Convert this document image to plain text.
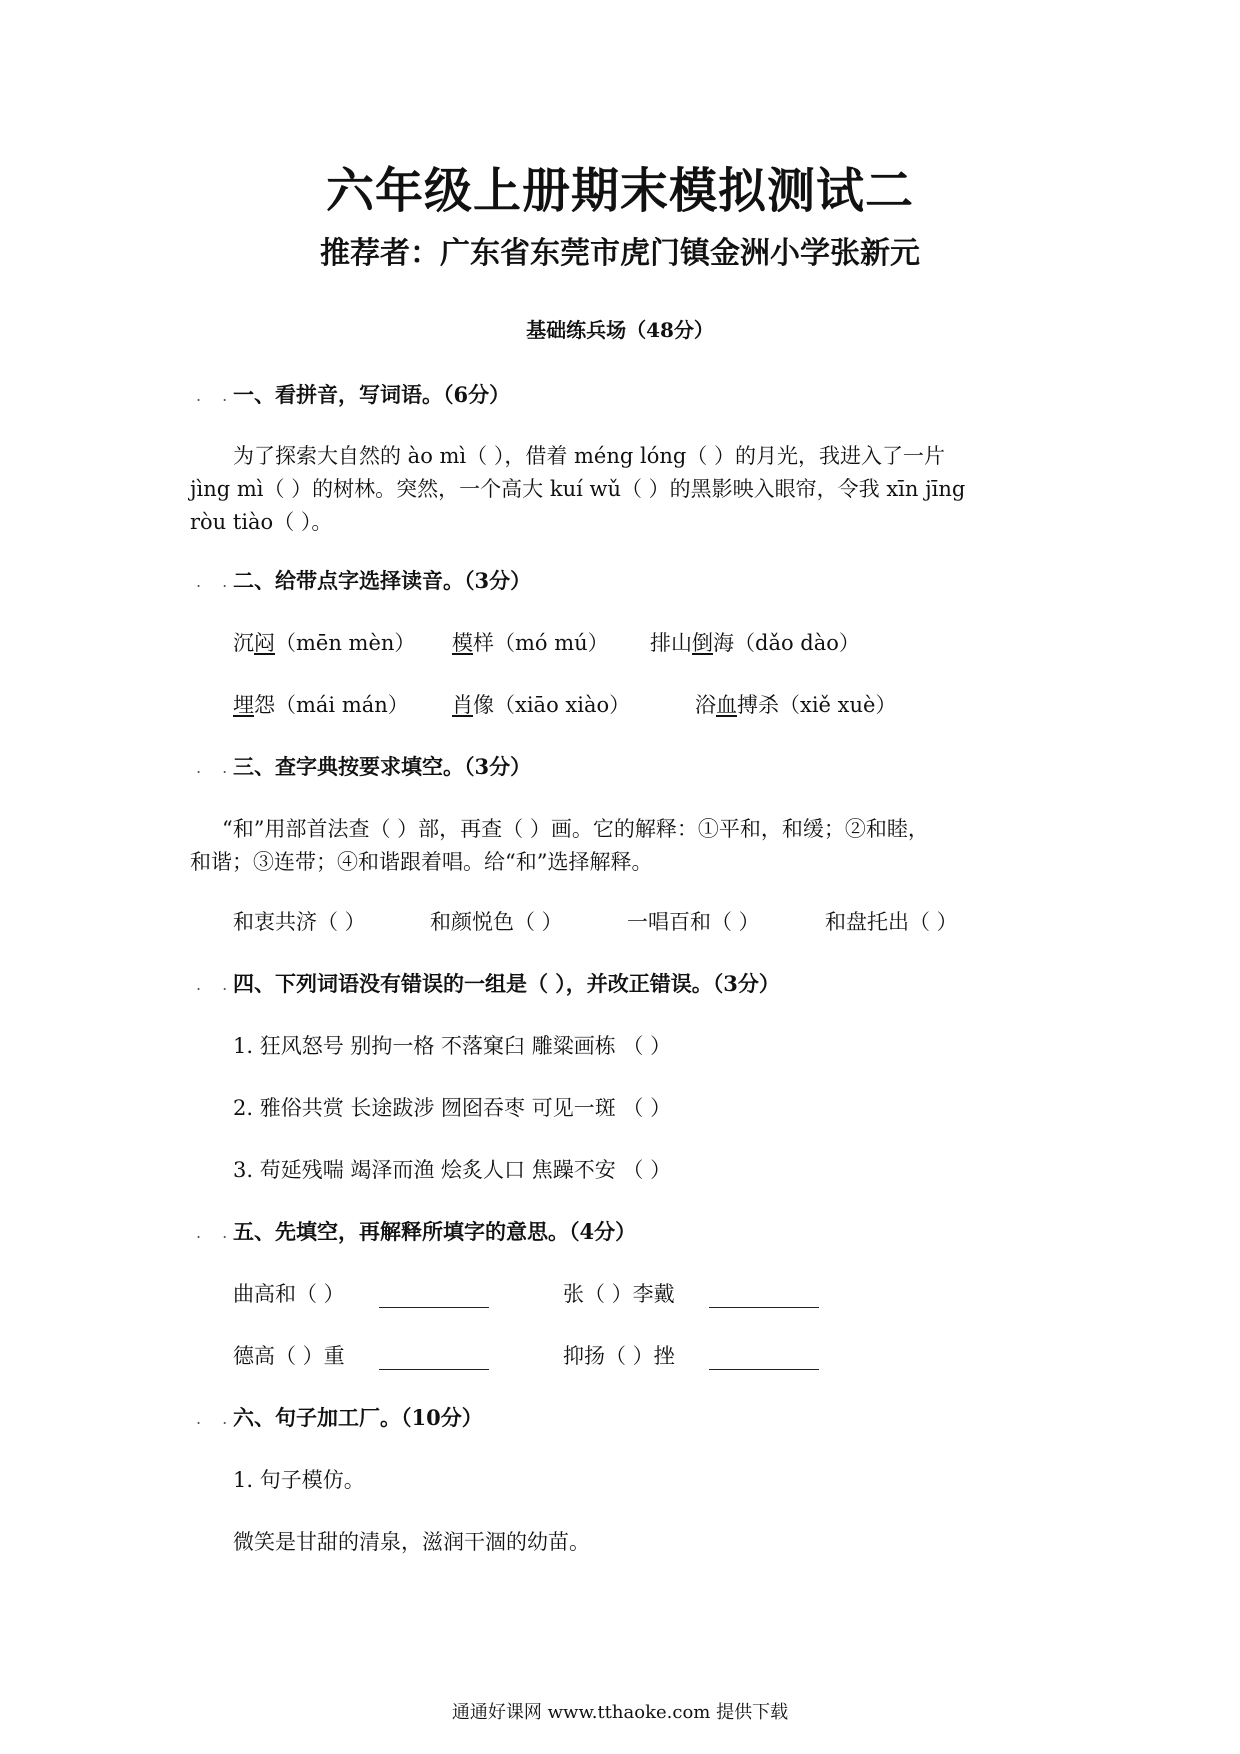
六年级上册期末模拟测试二
推荐者：广东省东莞市虎门镇金洲小学张新元
基础练兵场（48分）
. .
一、看拼音，写词语。（6分）
为了探索大自然的 ào mì（ ），借着 méng lóng（ ）的月光，我进入了一片
jìng mì（ ）的树林。突然，一个高大 kuí wǔ（ ）的黑影映入眼帘，令我 xīn jīng
ròu tiào（ ）。
. .
二、给带点字选择读音。（3分）
沉闷（mēn mèn） 模样（mó mú） 排山倒海（dǎo dào）
埋怨（mái mán） 肖像（xiāo xiào）	浴血搏杀（xiě xuè）
. .
三、查字典按要求填空。（3分）
“和”用部首法查（ ）部，再查（ ）画。它的解释：①平和，和缓；②和睦，
和谐；③连带；④和谐跟着唱。给“和”选择解释。
和衷共济（ ）	和颜悦色（ ）	一唱百和（ ）	和盘托出（ ）
. .
四、下列词语没有错误的一组是（ ），并改正错误。（3分）
1. 狂风怒号 别拘一格 不落窠臼 雕粱画栋 （ ）
2. 雅俗共赏 长途跋涉 囫囵吞枣 可见一斑 （ ）
3. 苟延残喘 竭泽而渔 烩炙人口 焦躁不安 （ ）
. .
五、先填空，再解释所填字的意思。（4分）
曲高和（ ）	张（ ）李戴
德高（ ）重	抑扬（ ）挫
. .
六、句子加工厂。（10分）
1. 句子模仿。
微笑是甘甜的清泉，滋润干涸的幼苗。
通通好课网 www.tthaoke.com 提供下载
